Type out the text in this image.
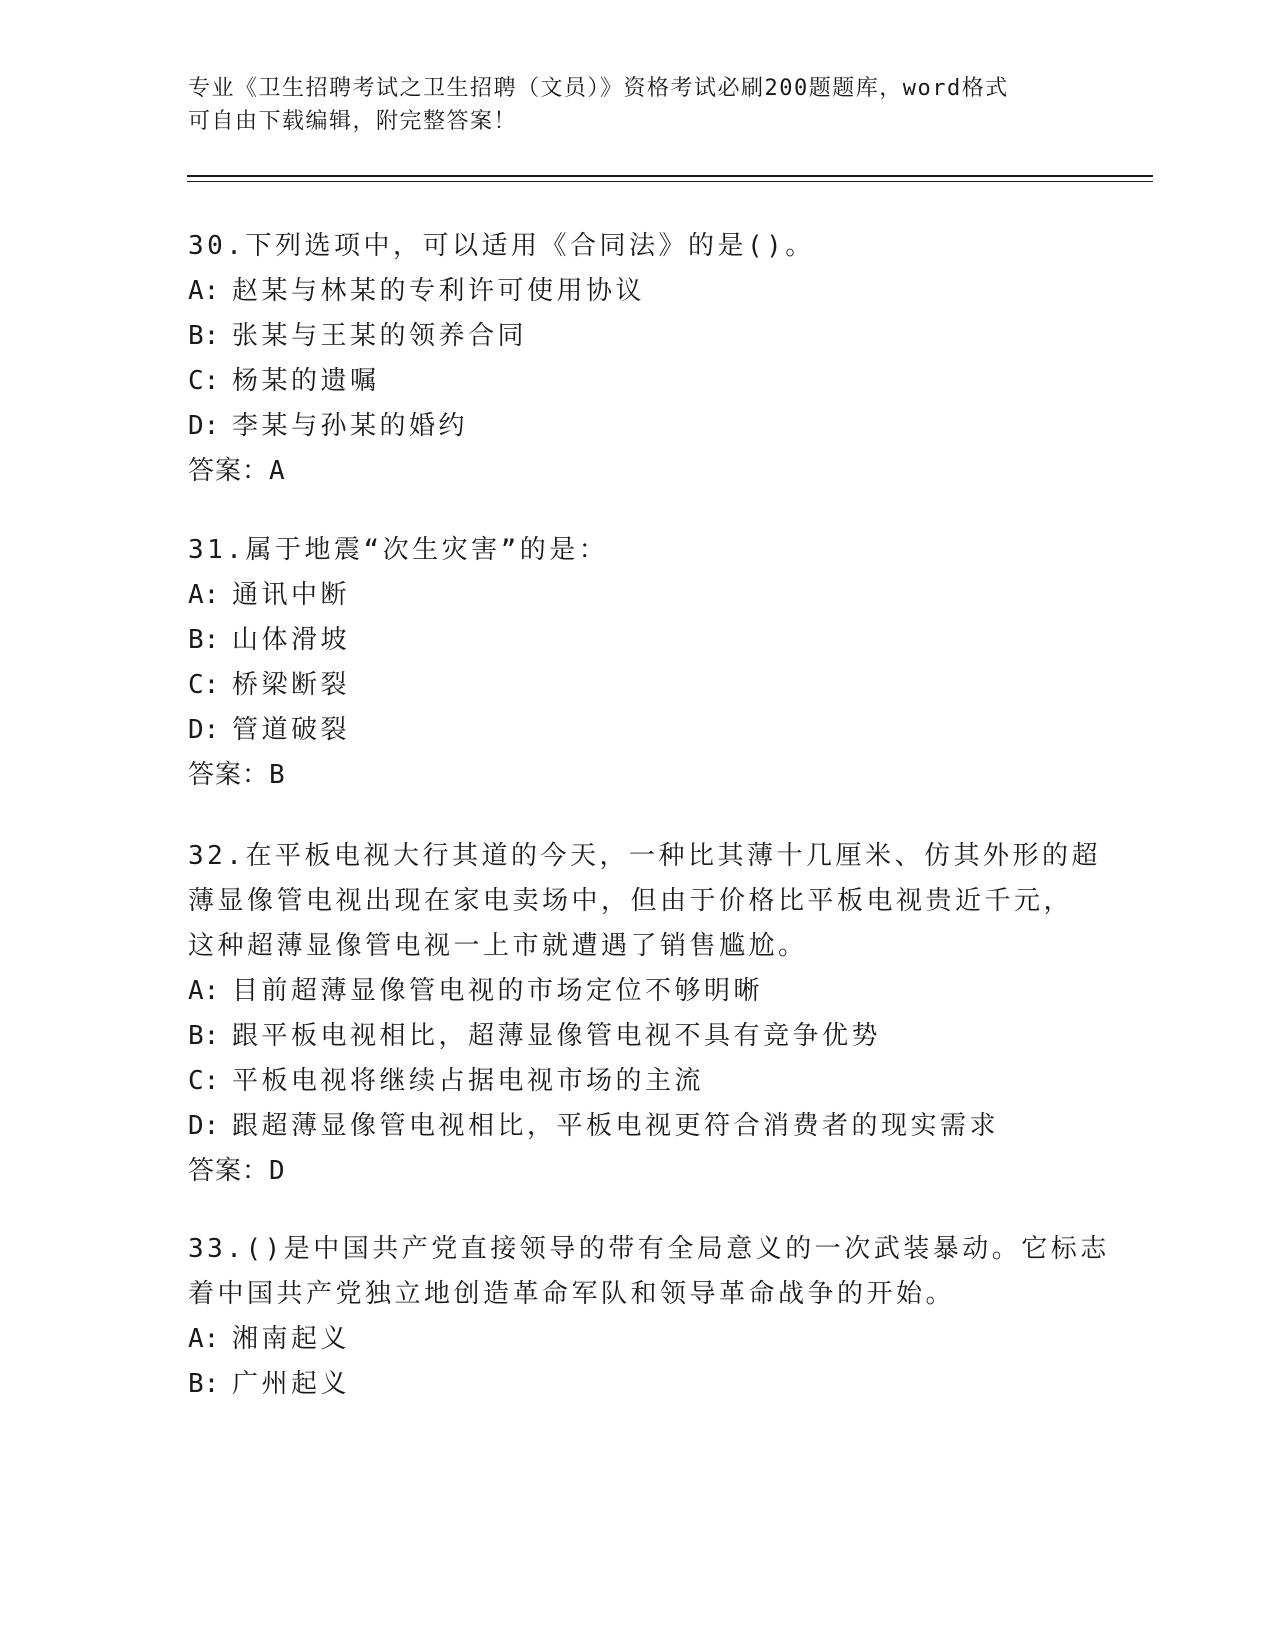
专业《卫生招聘考试之卫生招聘（文员）》资格考试必刷200题题库，word格式
可自由下载编辑，附完整答案！
30.下列选项中，可以适用《合同法》的是()。
A: 赵某与林某的专利许可使用协议
B: 张某与王某的领养合同
C: 杨某的遗嘱
D: 李某与孙某的婚约
答案：A
31.属于地震“次生灾害”的是：
A: 通讯中断
B: 山体滑坡
C: 桥梁断裂
D: 管道破裂
答案：B
32.在平板电视大行其道的今天，一种比其薄十几厘米、仿其外形的超
薄显像管电视出现在家电卖场中，但由于价格比平板电视贵近千元，
这种超薄显像管电视一上市就遭遇了销售尴尬。
A: 目前超薄显像管电视的市场定位不够明晰
B: 跟平板电视相比，超薄显像管电视不具有竞争优势
C: 平板电视将继续占据电视市场的主流
D: 跟超薄显像管电视相比，平板电视更符合消费者的现实需求
答案：D
33.()是中国共产党直接领导的带有全局意义的一次武装暴动。它标志
着中国共产党独立地创造革命军队和领导革命战争的开始。
A: 湘南起义
B: 广州起义
